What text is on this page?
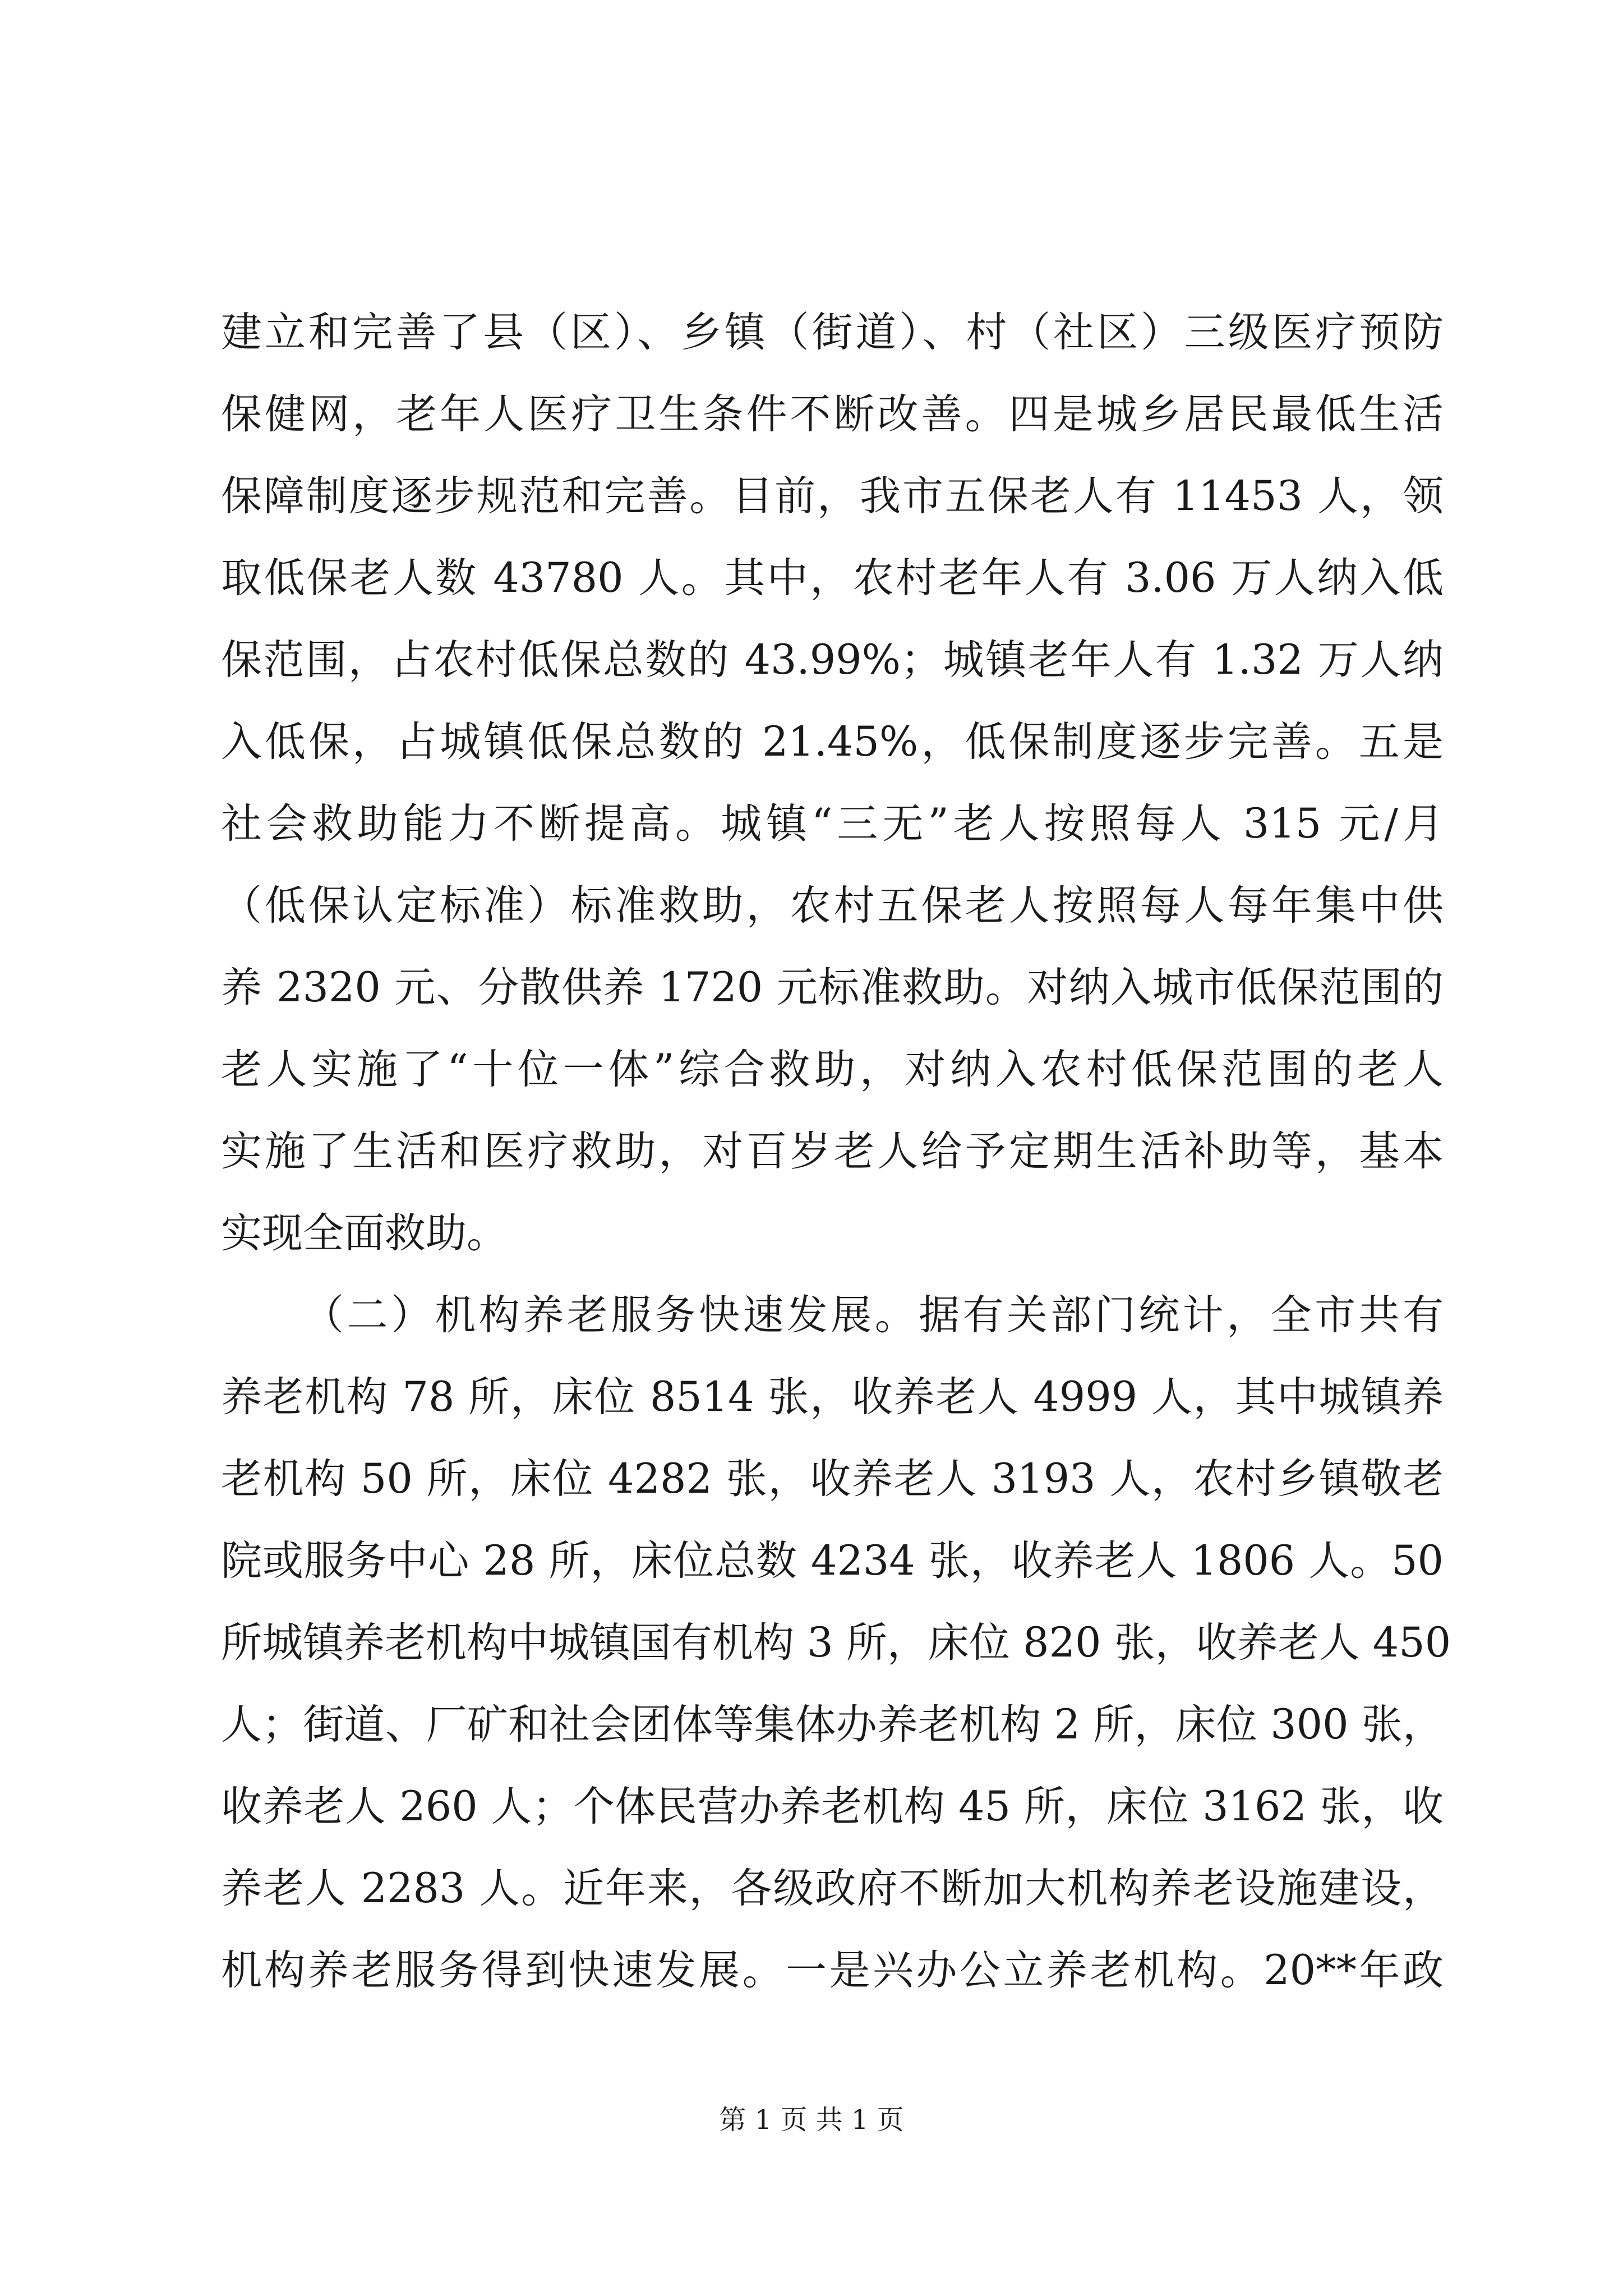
建立和完善了县（区）、乡镇（街道）、村（社区）三级医疗预防
保健网，老年人医疗卫生条件不断改善。四是城乡居民最低生活
保障制度逐步规范和完善。目前，我市五保老人有 11453 人，领
取低保老人数 43780 人。其中，农村老年人有 3.06 万人纳入低
保范围，占农村低保总数的 43.99%；城镇老年人有 1.32 万人纳
入低保，占城镇低保总数的 21.45%，低保制度逐步完善。五是
社会救助能力不断提高。城镇“三无”老人按照每人 315 元/月
（低保认定标准）标准救助，农村五保老人按照每人每年集中供
养 2320 元、分散供养 1720 元标准救助。对纳入城市低保范围的
老人实施了“十位一体”综合救助，对纳入农村低保范围的老人
实施了生活和医疗救助，对百岁老人给予定期生活补助等，基本
实现全面救助。
（二）机构养老服务快速发展。据有关部门统计，全市共有
养老机构 78 所，床位 8514 张，收养老人 4999 人，其中城镇养
老机构 50 所，床位 4282 张，收养老人 3193 人，农村乡镇敬老
院或服务中心 28 所，床位总数 4234 张，收养老人 1806 人。50
所城镇养老机构中城镇国有机构 3 所，床位 820 张，收养老人 450
人；街道、厂矿和社会团体等集体办养老机构 2 所，床位 300 张，
收养老人 260 人；个体民营办养老机构 45 所，床位 3162 张，收
养老人 2283 人。近年来，各级政府不断加大机构养老设施建设，
机构养老服务得到快速发展。一是兴办公立养老机构。20**年政
第 1 页 共 1 页
